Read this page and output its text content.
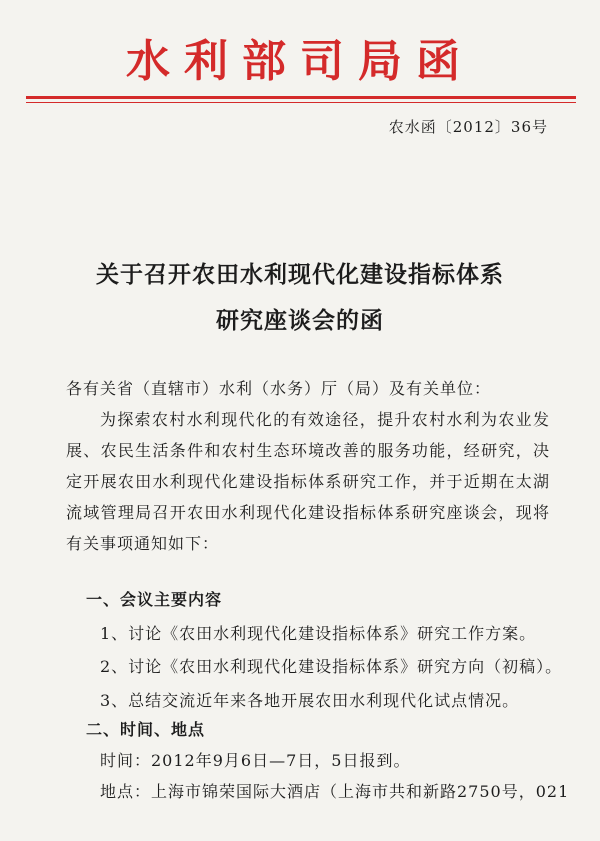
水利部司局函
农水函〔2012〕36号
关于召开农田水利现代化建设指标体系
研究座谈会的函
各有关省（直辖市）水利（水务）厅（局）及有关单位：
为探索农村水利现代化的有效途径，提升农村水利为农业发展、农民生活条件和农村生态环境改善的服务功能，经研究，决定开展农田水利现代化建设指标体系研究工作，并于近期在太湖流域管理局召开农田水利现代化建设指标体系研究座谈会，现将有关事项通知如下：
一、会议主要内容
1、讨论《农田水利现代化建设指标体系》研究工作方案。
2、讨论《农田水利现代化建设指标体系》研究方向（初稿）。
3、总结交流近年来各地开展农田水利现代化试点情况。
二、时间、地点
时间：2012年9月6日—7日，5日报到。
地点：上海市锦荣国际大酒店（上海市共和新路2750号，021
